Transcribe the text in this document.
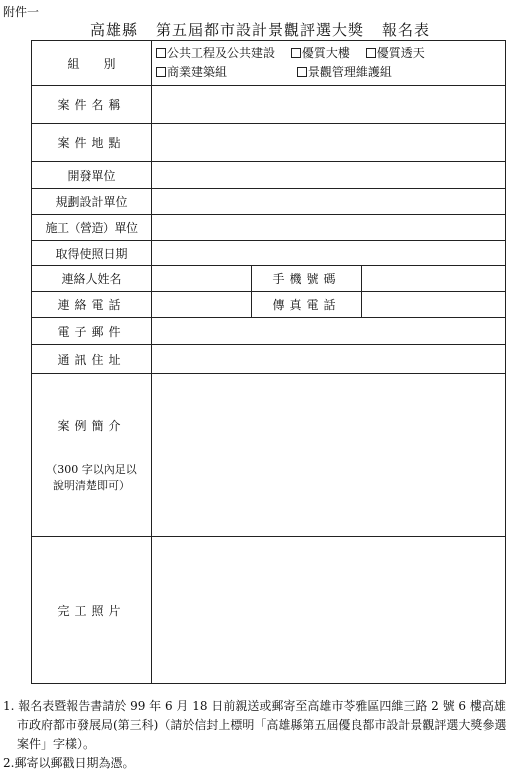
附件一
高雄縣 第五屆都市設計景觀評選大獎 報名表
組　　別	公共工程及公共建設 優質大樓 優質透天
商業建築組 景觀管理維護組		

案件名稱			
案件地點			
開發單位			
規劃設計單位			
施工（營造）單位			
取得使照日期			
連絡人姓名		手機號碼	
連絡電話		傳真電話	
電子郵件			
通訊住址			

案例簡介
（300 字以內足以
說明清楚即可）			

完工照片			
1. 報名表暨報告書請於 99 年 6 月 18 日前親送或郵寄至高雄市苓雅區四維三路 2 號 6 樓高雄市政府都市發展局(第三科)（請於信封上標明「高雄縣第五屆優良都市設計景觀評選大獎參選案件」字樣）。
2.郵寄以郵戳日期為憑。
